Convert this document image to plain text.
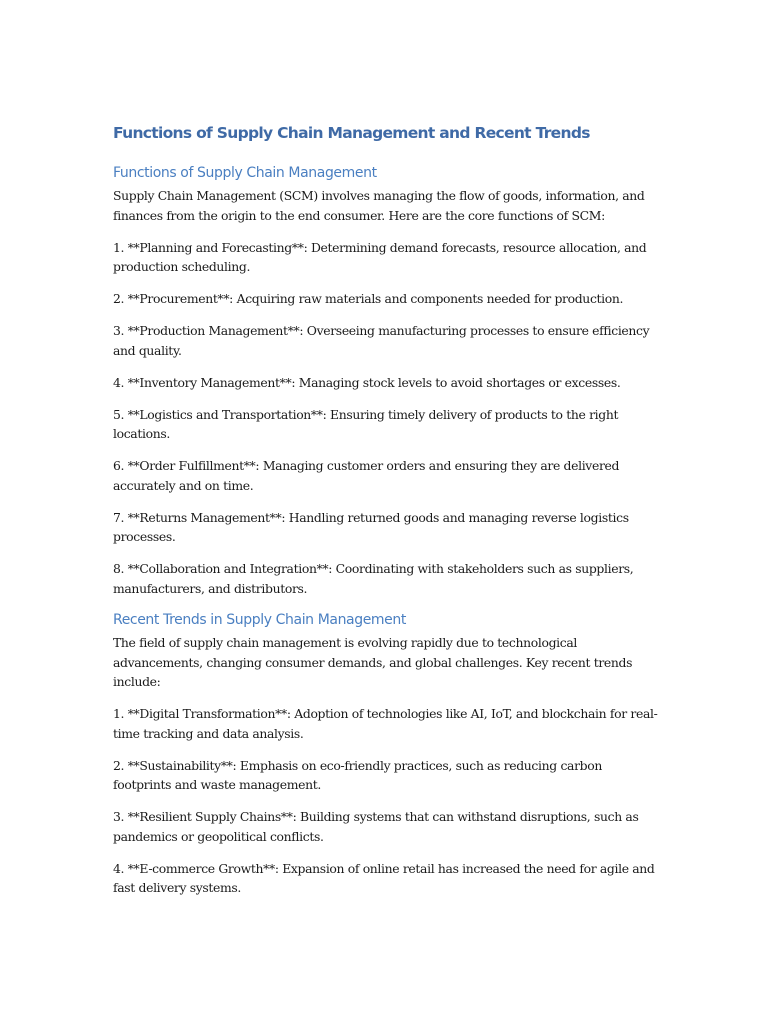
Functions of Supply Chain Management and Recent Trends
Functions of Supply Chain Management

Supply Chain Management (SCM) involves managing the flow of goods, information, and finances from the origin to the end consumer. Here are the core functions of SCM:

1. **Planning and Forecasting**: Determining demand forecasts, resource allocation, and production scheduling.
2. **Procurement**: Acquiring raw materials and components needed for production.
3. **Production Management**: Overseeing manufacturing processes to ensure efficiency and quality.
4. **Inventory Management**: Managing stock levels to avoid shortages or excesses.
5. **Logistics and Transportation**: Ensuring timely delivery of products to the right locations.
6. **Order Fulfillment**: Managing customer orders and ensuring they are delivered accurately and on time.
7. **Returns Management**: Handling returned goods and managing reverse logistics processes.
8. **Collaboration and Integration**: Coordinating with stakeholders such as suppliers, manufacturers, and distributors.
Recent Trends in Supply Chain Management

The field of supply chain management is evolving rapidly due to technological advancements, changing consumer demands, and global challenges. Key recent trends include:

1. **Digital Transformation**: Adoption of technologies like AI, IoT, and blockchain for real-time tracking and data analysis.
2. **Sustainability**: Emphasis on eco-friendly practices, such as reducing carbon footprints and waste management.
3. **Resilient Supply Chains**: Building systems that can withstand disruptions, such as pandemics or geopolitical conflicts.
4. **E-commerce Growth**: Expansion of online retail has increased the need for agile and fast delivery systems.
